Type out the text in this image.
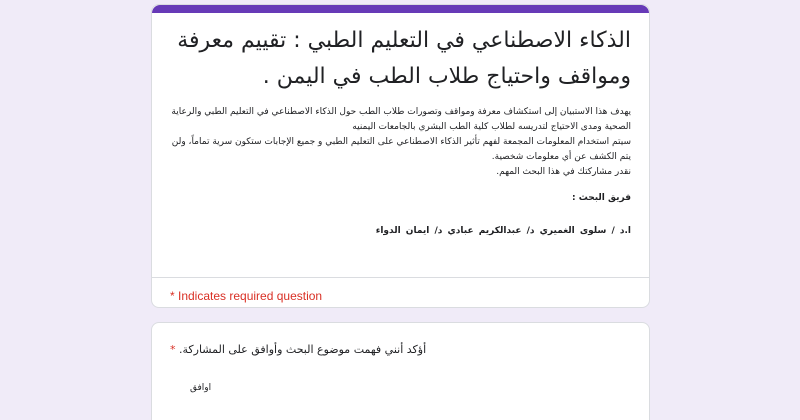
الذكاء الاصطناعي في التعليم الطبي : تقييم معرفة ومواقف واحتياج طلاب الطب في اليمن .

يهدف هذا الاستبيان إلى استكشاف معرفة ومواقف وتصورات طلاب الطب حول الذكاء الاصطناعي في التعليم الطبي والرعاية الصحية ومدى الاحتياج لتدريسه لطلاب كلية الطب البشري بالجامعات اليمنيه

سيتم استخدام المعلومات المجمعة لفهم تأثير الذكاء الاصطناعي على التعليم الطبي و جميع الإجابات ستكون سرية تماماً، ولن يتم الكشف عن أي معلومات شخصية.

نقدر مشاركتك في هذا البحث المهم.

فريق البحث :
ا.د / سلوى الغميري د/ عبدالكريم عبادي د/ ايمان الدواء
* Indicates required question
* أؤكد أنني فهمت موضوع البحث وأوافق على المشاركة.
اوافق
